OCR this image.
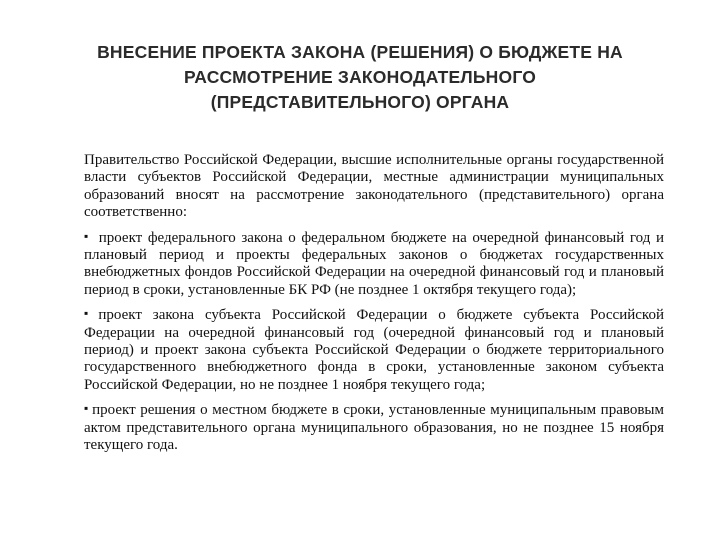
ВНЕСЕНИЕ ПРОЕКТА ЗАКОНА (РЕШЕНИЯ) О БЮДЖЕТЕ НА
РАССМОТРЕНИЕ ЗАКОНОДАТЕЛЬНОГО
(ПРЕДСТАВИТЕЛЬНОГО) ОРГАНА

Правительство Российской Федерации, высшие исполнительные органы государственной власти субъектов Российской Федерации, местные администрации муниципальных образований вносят на рассмотрение законодательного (представительного) органа соответственно:

▪ проект федерального закона о федеральном бюджете на очередной финансовый год и плановый период и проекты федеральных законов о бюджетах государственных внебюджетных фондов Российской Федерации на очередной финансовый год и плановый период в сроки, установленные БК РФ (не позднее 1 октября текущего года);

▪ проект закона субъекта Российской Федерации о бюджете субъекта Российской Федерации на очередной финансовый год (очередной финансовый год и плановый период) и проект закона субъекта Российской Федерации о бюджете территориального государственного внебюджетного фонда в сроки, установленные законом субъекта Российской Федерации, но не позднее 1 ноября текущего года;

▪ проект решения о местном бюджете в сроки, установленные муниципальным правовым актом представительного органа муниципального образования, но не позднее 15 ноября текущего года.
